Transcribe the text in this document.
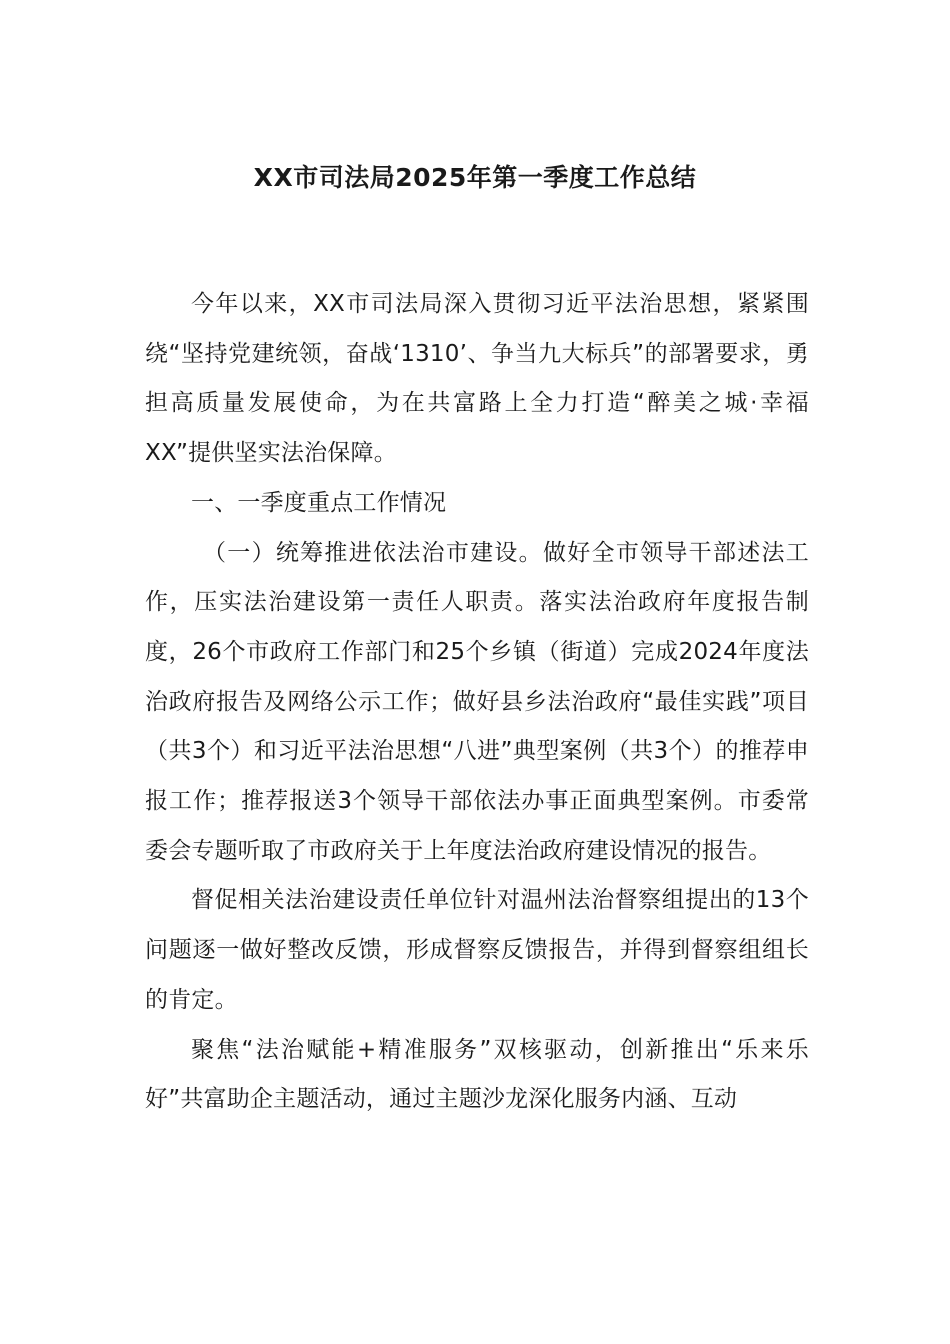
XX市司法局2025年第一季度工作总结

今年以来，XX市司法局深入贯彻习近平法治思想，紧紧围绕“坚持党建统领，奋战‘1310’、争当九大标兵”的部署要求，勇担高质量发展使命，为在共富路上全力打造“醉美之城·幸福XX”提供坚实法治保障。

一、一季度重点工作情况

（一）统筹推进依法治市建设。做好全市领导干部述法工作，压实法治建设第一责任人职责。落实法治政府年度报告制度，26个市政府工作部门和25个乡镇（街道）完成2024年度法治政府报告及网络公示工作；做好县乡法治政府“最佳实践”项目（共3个）和习近平法治思想“八进”典型案例（共3个）的推荐申报工作；推荐报送3个领导干部依法办事正面典型案例。市委常委会专题听取了市政府关于上年度法治政府建设情况的报告。

督促相关法治建设责任单位针对温州法治督察组提出的13个问题逐一做好整改反馈，形成督察反馈报告，并得到督察组组长的肯定。

聚焦“法治赋能+精准服务”双核驱动，创新推出“乐来乐好”共富助企主题活动，通过主题沙龙深化服务内涵、互动
